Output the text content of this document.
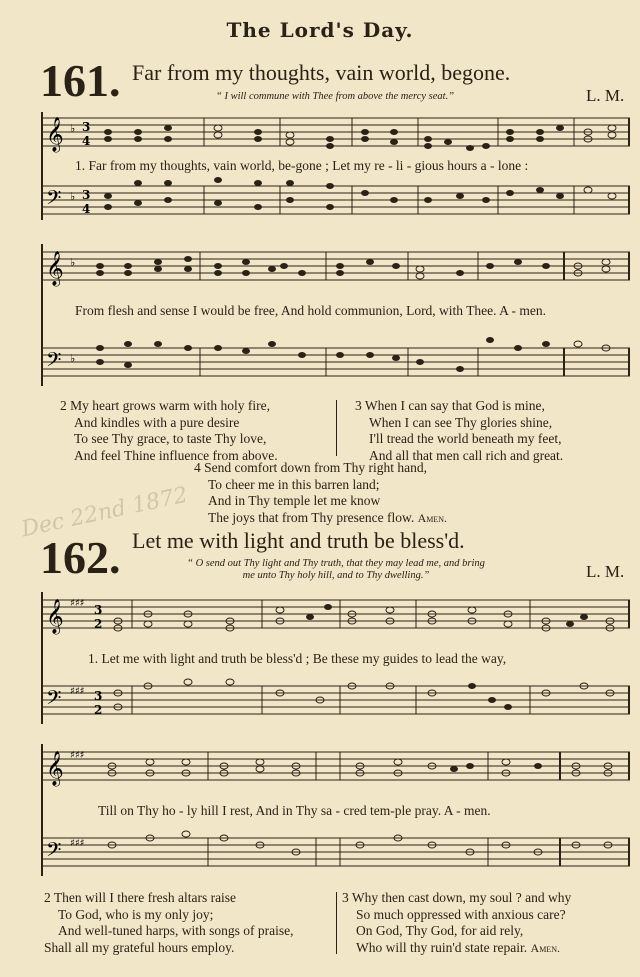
The Lord's Day.
161. Far from my thoughts, vain world, begone.
“ I will commune with Thee from above the mercy seat.”	L. M.
𝄞
𝄢
♭
♭
3
4
3
4
1. Far from my thoughts, vain world, be-gone ; Let my re - li - gious hours a - lone :
𝄞
𝄢
♭
♭
From flesh and sense I would be free, And hold communion, Lord, with Thee. A - men.
2 My heart grows warm with holy fire,
And kindles with a pure desire
To see Thy grace, to taste Thy love,
And feel Thine influence from above.
3 When I can say that God is mine,
When I can see Thy glories shine,
I'll tread the world beneath my feet,
And all that men call rich and great.
4 Send comfort down from Thy right hand,
To cheer me in this barren land;
And in Thy temple let me know
The joys that from Thy presence flow. Amen.
Dec 22nd 1872
162. Let me with light and truth be bless'd.
“ O send out Thy light and Thy truth, that they may lead me, and bring
me unto Thy holy hill, and to Thy dwelling.”	L. M.
𝄞
𝄢
♯♯♯
♯♯♯
3
2
3
2
1. Let me with light and truth be bless'd ; Be these my guides to lead the way,
𝄞
𝄢
♯♯♯
♯♯♯
Till on Thy ho - ly hill I rest, And in Thy sa - cred tem-ple pray. A - men.
2 Then will I there fresh altars raise
To God, who is my only joy;
And well-tuned harps, with songs of praise,
Shall all my grateful hours employ.
3 Why then cast down, my soul ? and why
So much oppressed with anxious care?
On God, Thy God, for aid rely,
Who will thy ruin'd state repair. Amen.
